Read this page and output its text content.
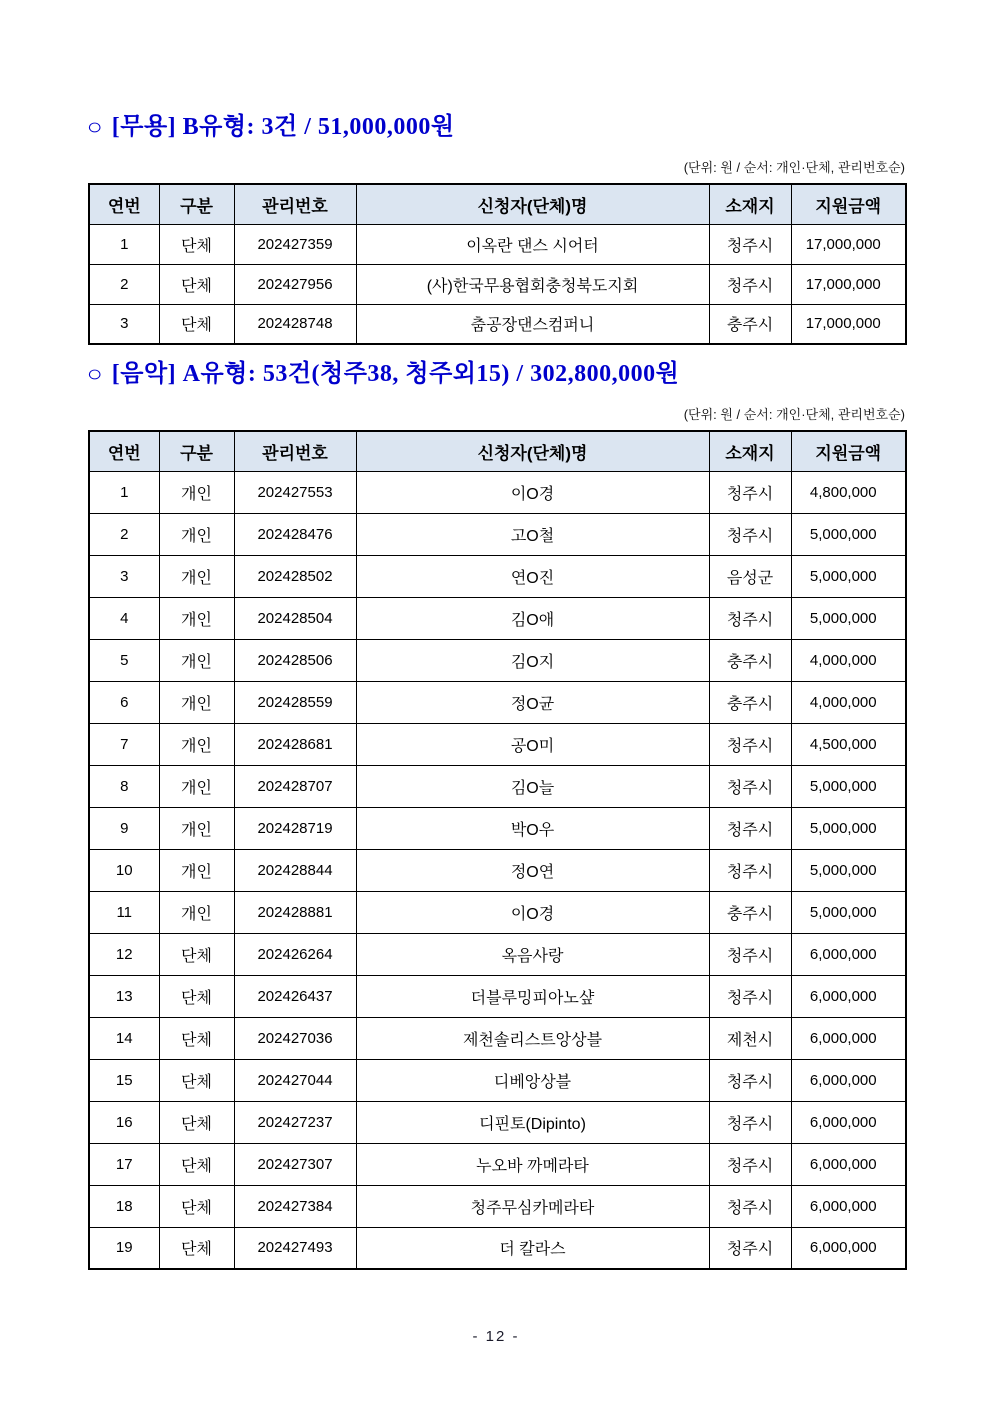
○ [무용] B유형: 3건 / 51,000,000원
(단위: 원 / 순서: 개인·단체, 관리번호순)
연번	구분	관리번호	신청자(단체)명	소재지	지원금액
1	단체	202427359	이옥란 댄스 시어터	청주시	17,000,000
2	단체	202427956	(사)한국무용협회충청북도지회	청주시	17,000,000
3	단체	202428748	춤공장댄스컴퍼니	충주시	17,000,000
○ [음악] A유형: 53건(청주38, 청주외15) / 302,800,000원
(단위: 원 / 순서: 개인·단체, 관리번호순)
연번	구분	관리번호	신청자(단체)명	소재지	지원금액
1	개인	202427553	이O경	청주시	4,800,000
2	개인	202428476	고O철	청주시	5,000,000
3	개인	202428502	연O진	음성군	5,000,000
4	개인	202428504	김O애	청주시	5,000,000
5	개인	202428506	김O지	충주시	4,000,000
6	개인	202428559	정O균	충주시	4,000,000
7	개인	202428681	공O미	청주시	4,500,000
8	개인	202428707	김O늘	청주시	5,000,000
9	개인	202428719	박O우	청주시	5,000,000
10	개인	202428844	정O연	청주시	5,000,000
11	개인	202428881	이O경	충주시	5,000,000
12	단체	202426264	옥음사랑	청주시	6,000,000
13	단체	202426437	더블루밍피아노샾	청주시	6,000,000
14	단체	202427036	제천솔리스트앙상블	제천시	6,000,000
15	단체	202427044	디베앙상블	청주시	6,000,000
16	단체	202427237	디핀토(Dipinto)	청주시	6,000,000
17	단체	202427307	누오바 까메라타	청주시	6,000,000
18	단체	202427384	청주무심카메라타	청주시	6,000,000
19	단체	202427493	더 칼라스	청주시	6,000,000
- 12 -
